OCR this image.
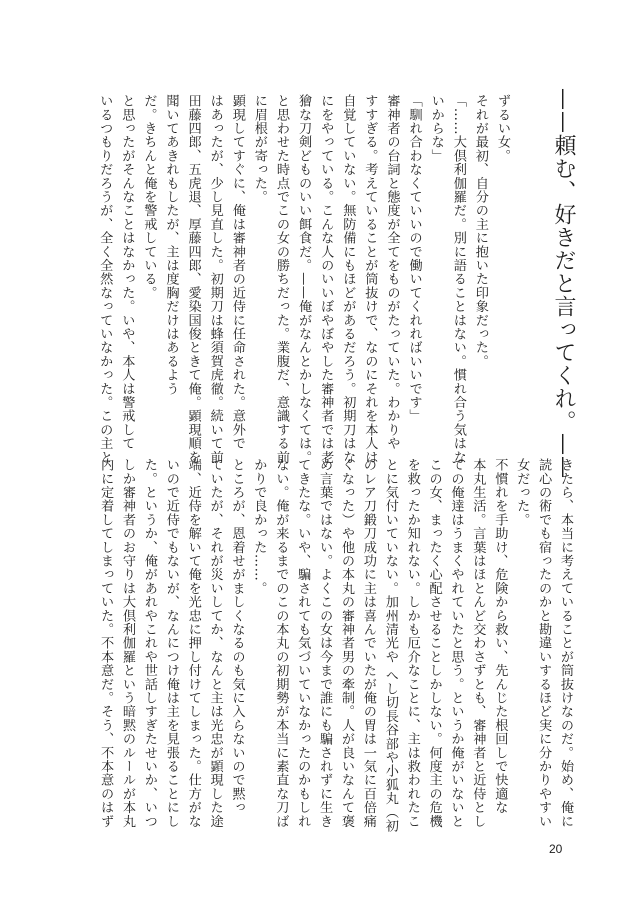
——頼む、好きだと言ってくれ。——
ずるい女。
それが最初、自分の主に抱いた印象だった。
「……大倶利伽羅だ。別に語ることはない。慣れ合う気はな
いからな」
「馴れ合わなくていいので働いてくれればいいです」
審神者の台詞と態度が全てをものがたっていた。わかりや
すすぎる。考えていることが筒抜けで、なのにそれを本人は
自覚していない。無防備にもほどがあるだろう。初期刀はな
にをやっている。こんな人のいいぼやぼやした審神者では老
獪な刀剣どものいい餌食だ。——俺がなんとかしなくては。
と思わせた時点でこの女の勝ちだった。業腹だ、意識する前
に眉根が寄った。
顕現してすぐに、俺は審神者の近侍に任命された。意外で
はあったが、少し見直した。初期刀は蜂須賀虎徹。続いて前
田藤四郎、五虎退、厚藤四郎、愛染国俊ときて俺。顕現順を
聞いてあきれもしたが、主は度胸だけはあるよう
だ。きちんと俺を警戒している。
と思ったがそんなことはなかった。いや、本人は警戒して
いるつもりだろうが、全く全然なっていなかった。この主と
きたら、本当に考えていることが筒抜けなのだ。始め、俺に
読心の術でも宿ったのかと勘違いするほど実に分かりやすい
女だった。
不慣れを手助け、危険から救い、先んじた根回しで快適な
本丸生活。言葉はほとんど交わさずとも、審神者と近侍とし
ての俺達はうまくやれていたと思う。というか俺がいないと
この女、まったく心配させることしかしない。何度主の危機
を救ったか知れない。しかも厄介なことに、主は救われたこ
とに気付いていない。加州清光や へし切長谷部や小狐丸（初
のレア刀鍛刀成功に主は喜んでいたが俺の胃は一気に百倍痛
くなった）や他の本丸の審神者男の牽制。人が良いなんて褒
め言葉ではない。よくこの女は今まで誰にも騙されずに生き
てきたな。いや、騙されても気づいていなかったのかもしれ
ない。俺が来るまでのこの本丸の初期勢が本当に素直な刀ば
かりで良かった……。
ところが、恩着せがましくなるのも気に入らないので黙っ
ていたが、それが災いしてか、なんと主は光忠が顕現した途
端、近侍を解いて俺を光忠に押し付けてしまった。仕方がな
いので近侍でもないが、なんにつけ俺は主を見張ることにし
た。というか、俺があれやこれや世話しすぎたせいか、いつ
しか審神者のお守りは大倶利伽羅という暗黙のルールが本丸
内に定着してしまっていた。不本意だ。そう、不本意のはず
20
